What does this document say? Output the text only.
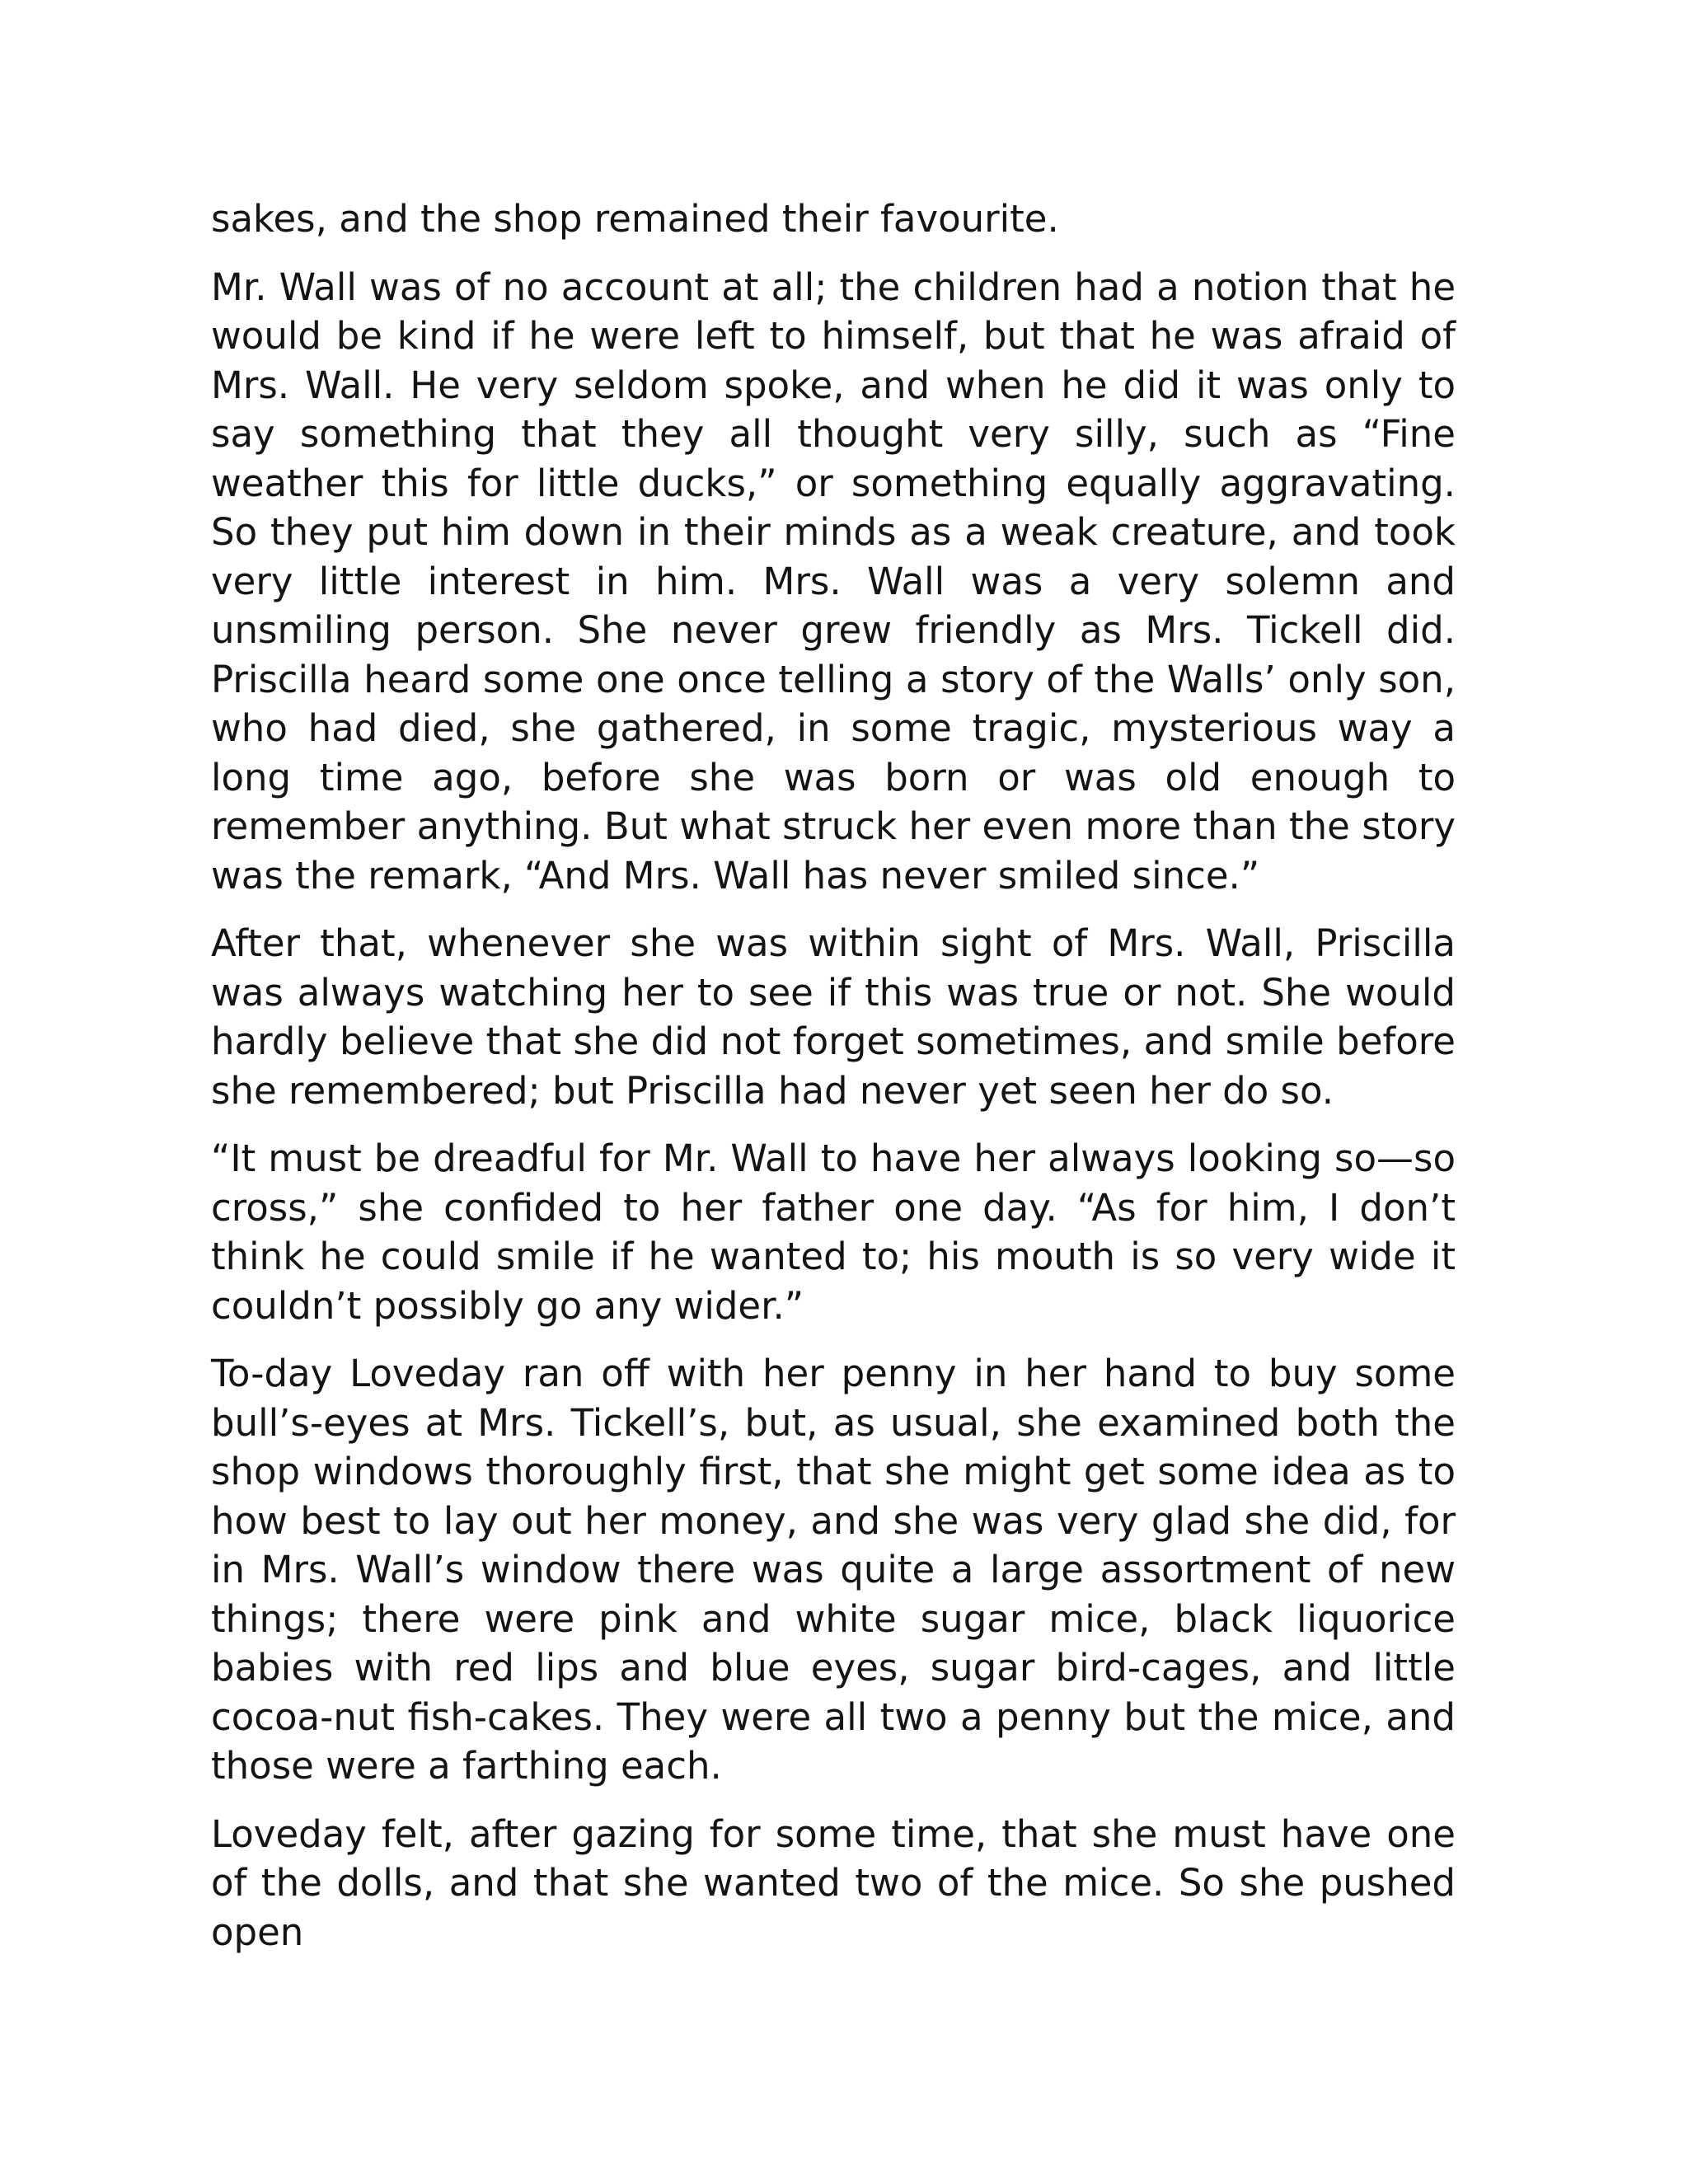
sakes, and the shop remained their favourite.

Mr. Wall was of no account at all; the children had a notion that he would be kind if he were left to himself, but that he was afraid of Mrs. Wall. He very seldom spoke, and when he did it was only to say something that they all thought very silly, such as “Fine weather this for little ducks,” or something equally aggravating. So they put him down in their minds as a weak creature, and took very little interest in him. Mrs. Wall was a very solemn and unsmiling person. She never grew friendly as Mrs. Tickell did. Priscilla heard some one once telling a story of the Walls’ only son, who had died, she gathered, in some tragic, mysterious way a long time ago, before she was born or was old enough to remember anything. But what struck her even more than the story was the remark, “And Mrs. Wall has never smiled since.”

After that, whenever she was within sight of Mrs. Wall, Priscilla was always watching her to see if this was true or not. She would hardly believe that she did not forget sometimes, and smile before she remembered; but Priscilla had never yet seen her do so.

“It must be dreadful for Mr. Wall to have her always looking so—so cross,” she confided to her father one day. “As for him, I don’t think he could smile if he wanted to; his mouth is so very wide it couldn’t possibly go any wider.”

To-day Loveday ran off with her penny in her hand to buy some bull’s-eyes at Mrs. Tickell’s, but, as usual, she examined both the shop windows thoroughly first, that she might get some idea as to how best to lay out her money, and she was very glad she did, for in Mrs. Wall’s window there was quite a large assortment of new things; there were pink and white sugar mice, black liquorice babies with red lips and blue eyes, sugar bird-cages, and little cocoa-nut fish-cakes. They were all two a penny but the mice, and those were a farthing each.

Loveday felt, after gazing for some time, that she must have one of the dolls, and that she wanted two of the mice. So she pushed open
